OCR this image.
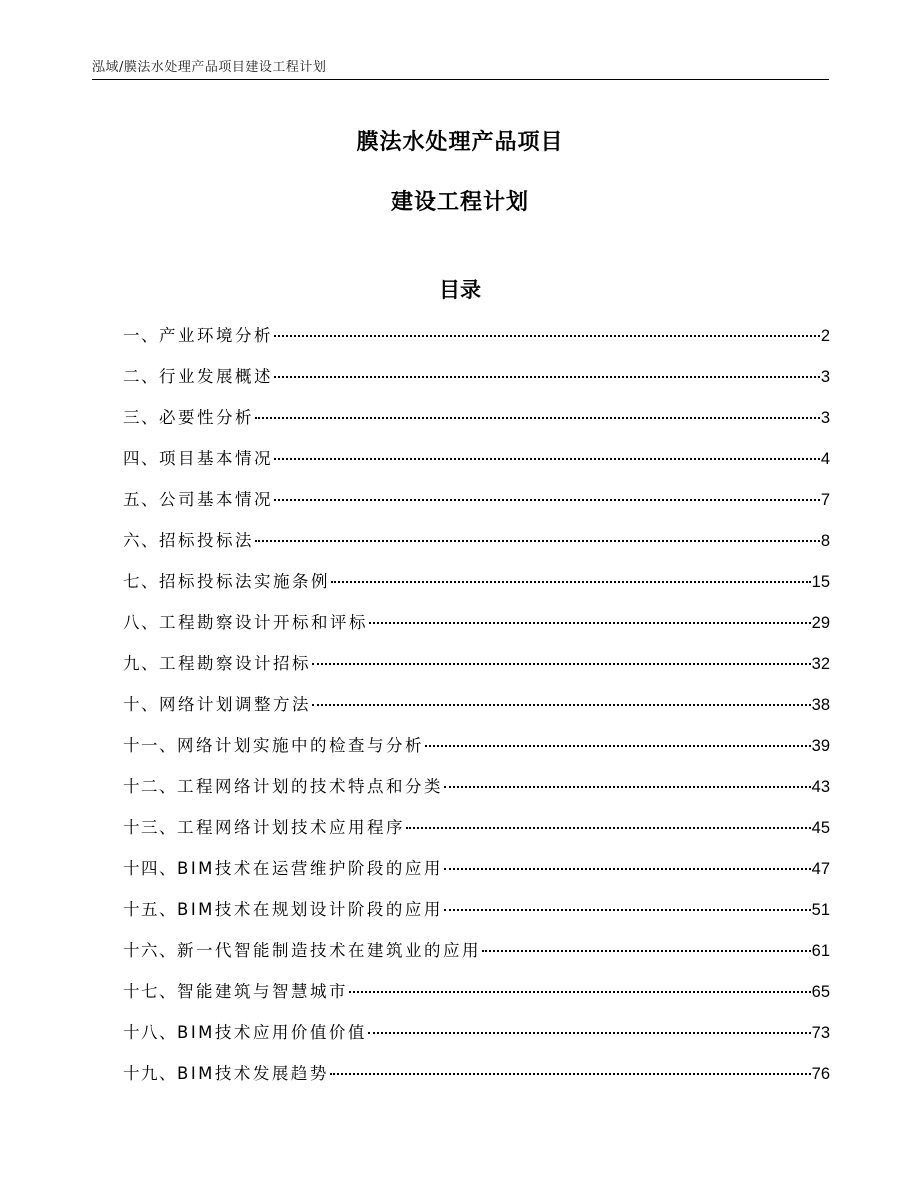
泓域/膜法水处理产品项目建设工程计划
膜法水处理产品项目
建设工程计划
目录
一、 产业环境分析	2
二、 行业发展概述	3
三、 必要性分析	3
四、 项目基本情况	4
五、 公司基本情况	7
六、 招标投标法	8
七、 招标投标法实施条例	15
八、 工程勘察设计开标和评标	29
九、 工程勘察设计招标	32
十、 网络计划调整方法	38
十一、 网络计划实施中的检查与分析	39
十二、 工程网络计划的技术特点和分类	43
十三、 工程网络计划技术应用程序	45
十四、 BIM技术在运营维护阶段的应用	47
十五、 BIM技术在规划设计阶段的应用	51
十六、 新一代智能制造技术在建筑业的应用	61
十七、 智能建筑与智慧城市	65
十八、 BIM技术应用价值价值	73
十九、 BIM技术发展趋势	76
